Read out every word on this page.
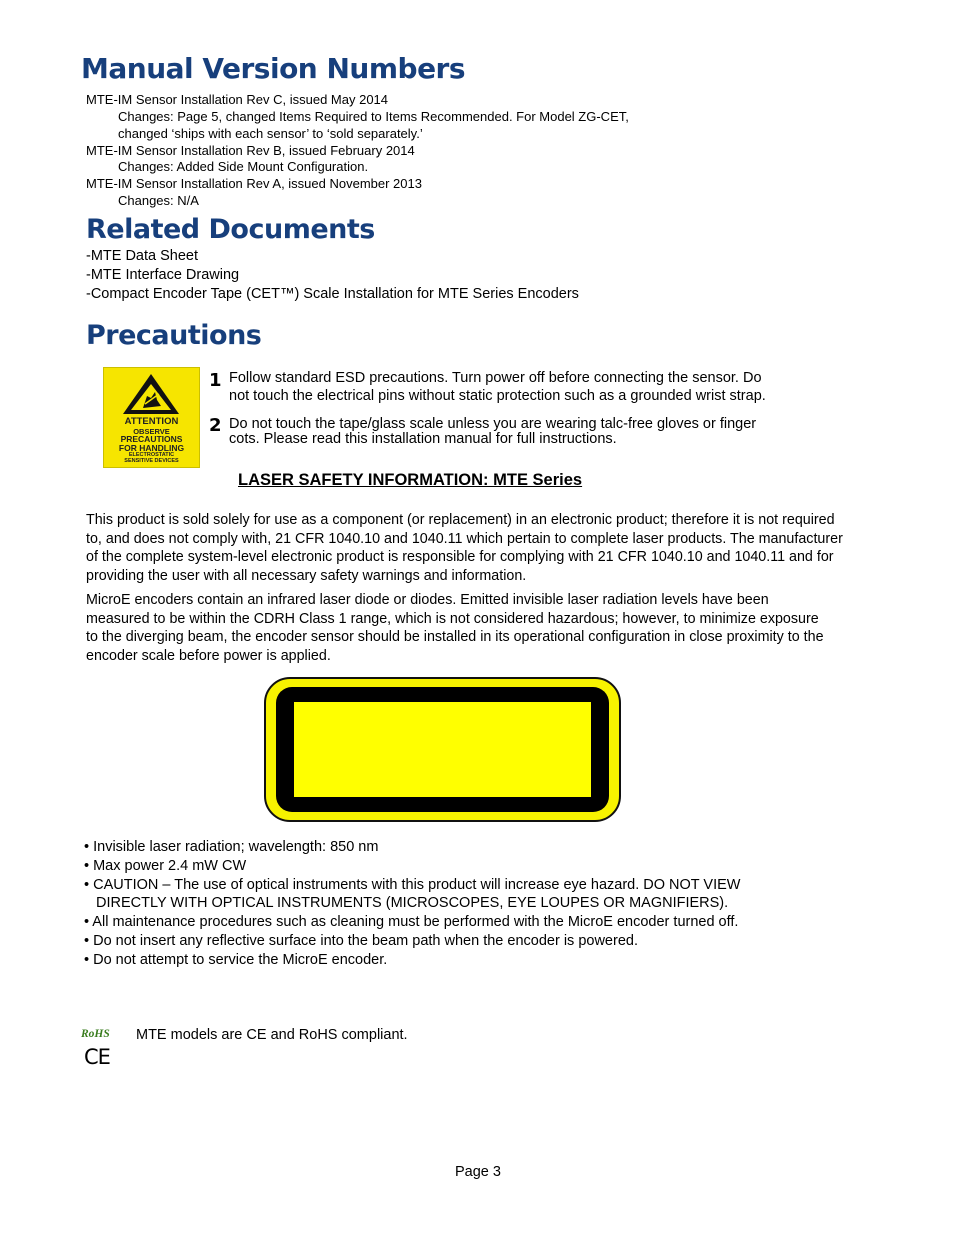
Manual Version Numbers
MTE-IM Sensor Installation Rev C, issued May 2014
Changes: Page 5, changed Items Required to Items Recommended. For Model ZG-CET,
changed ‘ships with each sensor’ to ‘sold separately.’
MTE-IM Sensor Installation Rev B, issued February 2014
Changes: Added Side Mount Configuration.
MTE-IM Sensor Installation Rev A, issued November 2013
Changes: N/A
Related Documents
-MTE Data Sheet
-MTE Interface Drawing
-Compact Encoder Tape (CET™) Scale Installation for MTE Series Encoders
Precautions
ATTENTION
OBSERVE
PRECAUTIONS
FOR HANDLING
ELECTROSTATIC
SENSITIVE DEVICES
1 Follow standard ESD precautions. Turn power off before connecting the sensor. Do
not touch the electrical pins without static protection such as a grounded wrist strap.
2 Do not touch the tape/glass scale unless you are wearing talc-free gloves or finger
cots. Please read this installation manual for full instructions.
LASER SAFETY INFORMATION: MTE Series
This product is sold solely for use as a component (or replacement) in an electronic product; therefore it is not required to, and does not comply with, 21 CFR 1040.10 and 1040.11 which pertain to complete laser products. The manufacturer of the complete system-level electronic product is responsible for complying with 21 CFR 1040.10 and 1040.11 and for providing the user with all necessary safety warnings and information.
MicroE encoders contain an infrared laser diode or diodes. Emitted invisible laser radiation levels have been measured to be within the CDRH Class 1 range, which is not considered hazardous; however, to minimize exposure to the diverging beam, the encoder sensor should be installed in its operational configuration in close proximity to the encoder scale before power is applied.
• Invisible laser radiation; wavelength: 850 nm
• Max power 2.4 mW CW
• CAUTION – The use of optical instruments with this product will increase eye hazard. DO NOT VIEW
DIRECTLY WITH OPTICAL INSTRUMENTS (MICROSCOPES, EYE LOUPES OR MAGNIFIERS).
• All maintenance procedures such as cleaning must be performed with the MicroE encoder turned off.
• Do not insert any reflective surface into the beam path when the encoder is powered.
• Do not attempt to service the MicroE encoder.
RoHS MTE models are CE and RoHS compliant.
CE
Page 3
